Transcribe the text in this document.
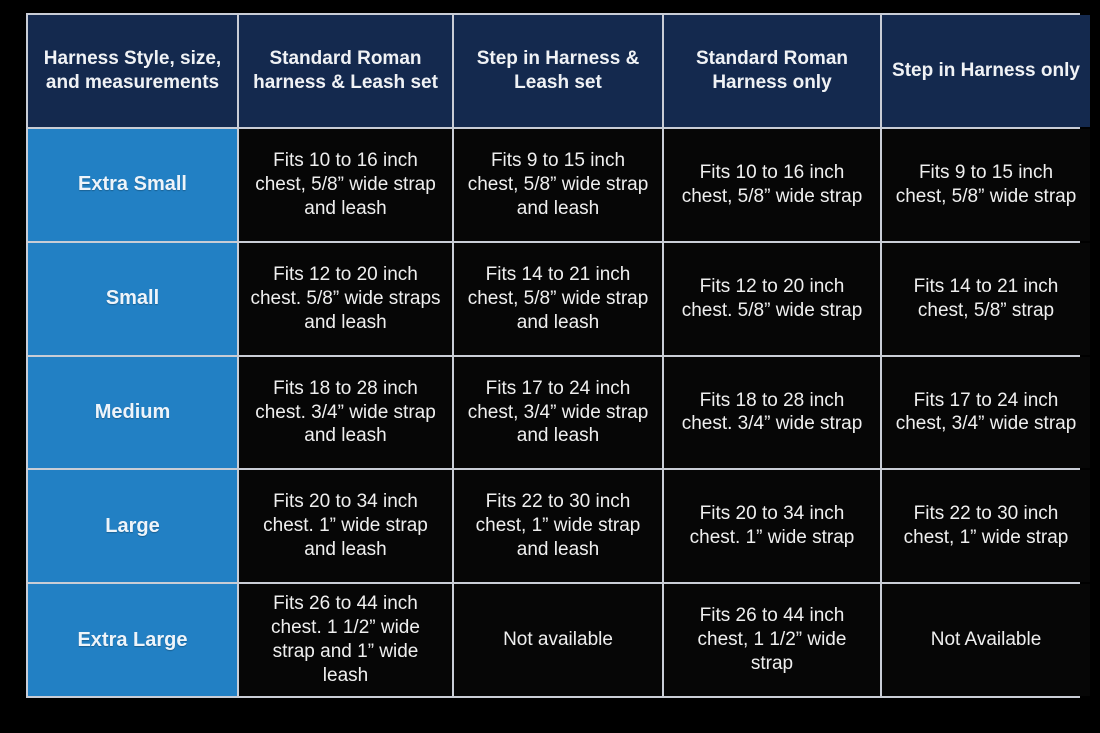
Harness Style, size, and measurements
Standard Roman harness & Leash set
Step in Harness & Leash set
Standard Roman Harness only
Step in Harness only
Extra Small
Fits 10 to 16 inch chest, 5/8” wide strap and leash
Fits 9 to 15 inch chest, 5/8” wide strap and leash
Fits 10 to 16 inch chest, 5/8” wide strap
Fits 9 to 15 inch chest, 5/8” wide strap
Small
Fits 12 to 20 inch chest. 5/8” wide straps and leash
Fits 14 to 21 inch chest, 5/8” wide strap and leash
Fits 12 to 20 inch chest. 5/8” wide strap
Fits 14 to 21 inch chest, 5/8” strap
Medium
Fits 18 to 28 inch chest. 3/4” wide strap and leash
Fits 17 to 24 inch chest, 3/4” wide strap and leash
Fits 18 to 28 inch chest. 3/4” wide strap
Fits 17 to 24 inch chest, 3/4” wide strap
Large
Fits 20 to 34 inch chest. 1” wide strap and leash
Fits 22 to 30 inch chest, 1” wide strap and leash
Fits 20 to 34 inch chest. 1” wide strap
Fits 22 to 30 inch chest, 1” wide strap
Extra Large
Fits 26 to 44 inch chest. 1 1/2” wide strap and 1” wide leash
Not available
Fits 26 to 44 inch chest, 1 1/2” wide strap
Not Available
